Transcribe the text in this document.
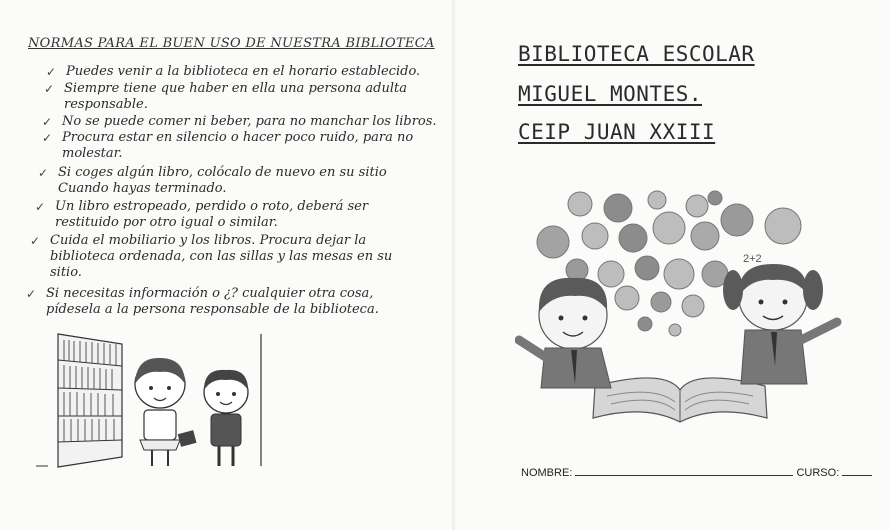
NORMAS PARA EL BUEN USO DE NUESTRA BIBLIOTECA
✓ Puedes venir a la biblioteca en el horario establecido.
✓ Siempre tiene que haber en ella una persona adulta
responsable.
✓ No se puede comer ni beber, para no manchar los libros.
✓ Procura estar en silencio o hacer poco ruido, para no
molestar.
✓ Si coges algún libro, colócalo de nuevo en su sitio
Cuando hayas terminado.
✓ Un libro estropeado, perdido o roto, deberá ser
restituido por otro igual o similar.
✓ Cuida el mobiliario y los libros. Procura dejar la
biblioteca ordenada, con las sillas y las mesas en su
sitio.
✓ Si necesitas información o ¿? cualquier otra cosa,
pídesela a la persona responsable de la biblioteca.
BIBLIOTECA ESCOLAR
MIGUEL MONTES.
CEIP JUAN XXIII
2+2
NOMBRE:	CURSO:
